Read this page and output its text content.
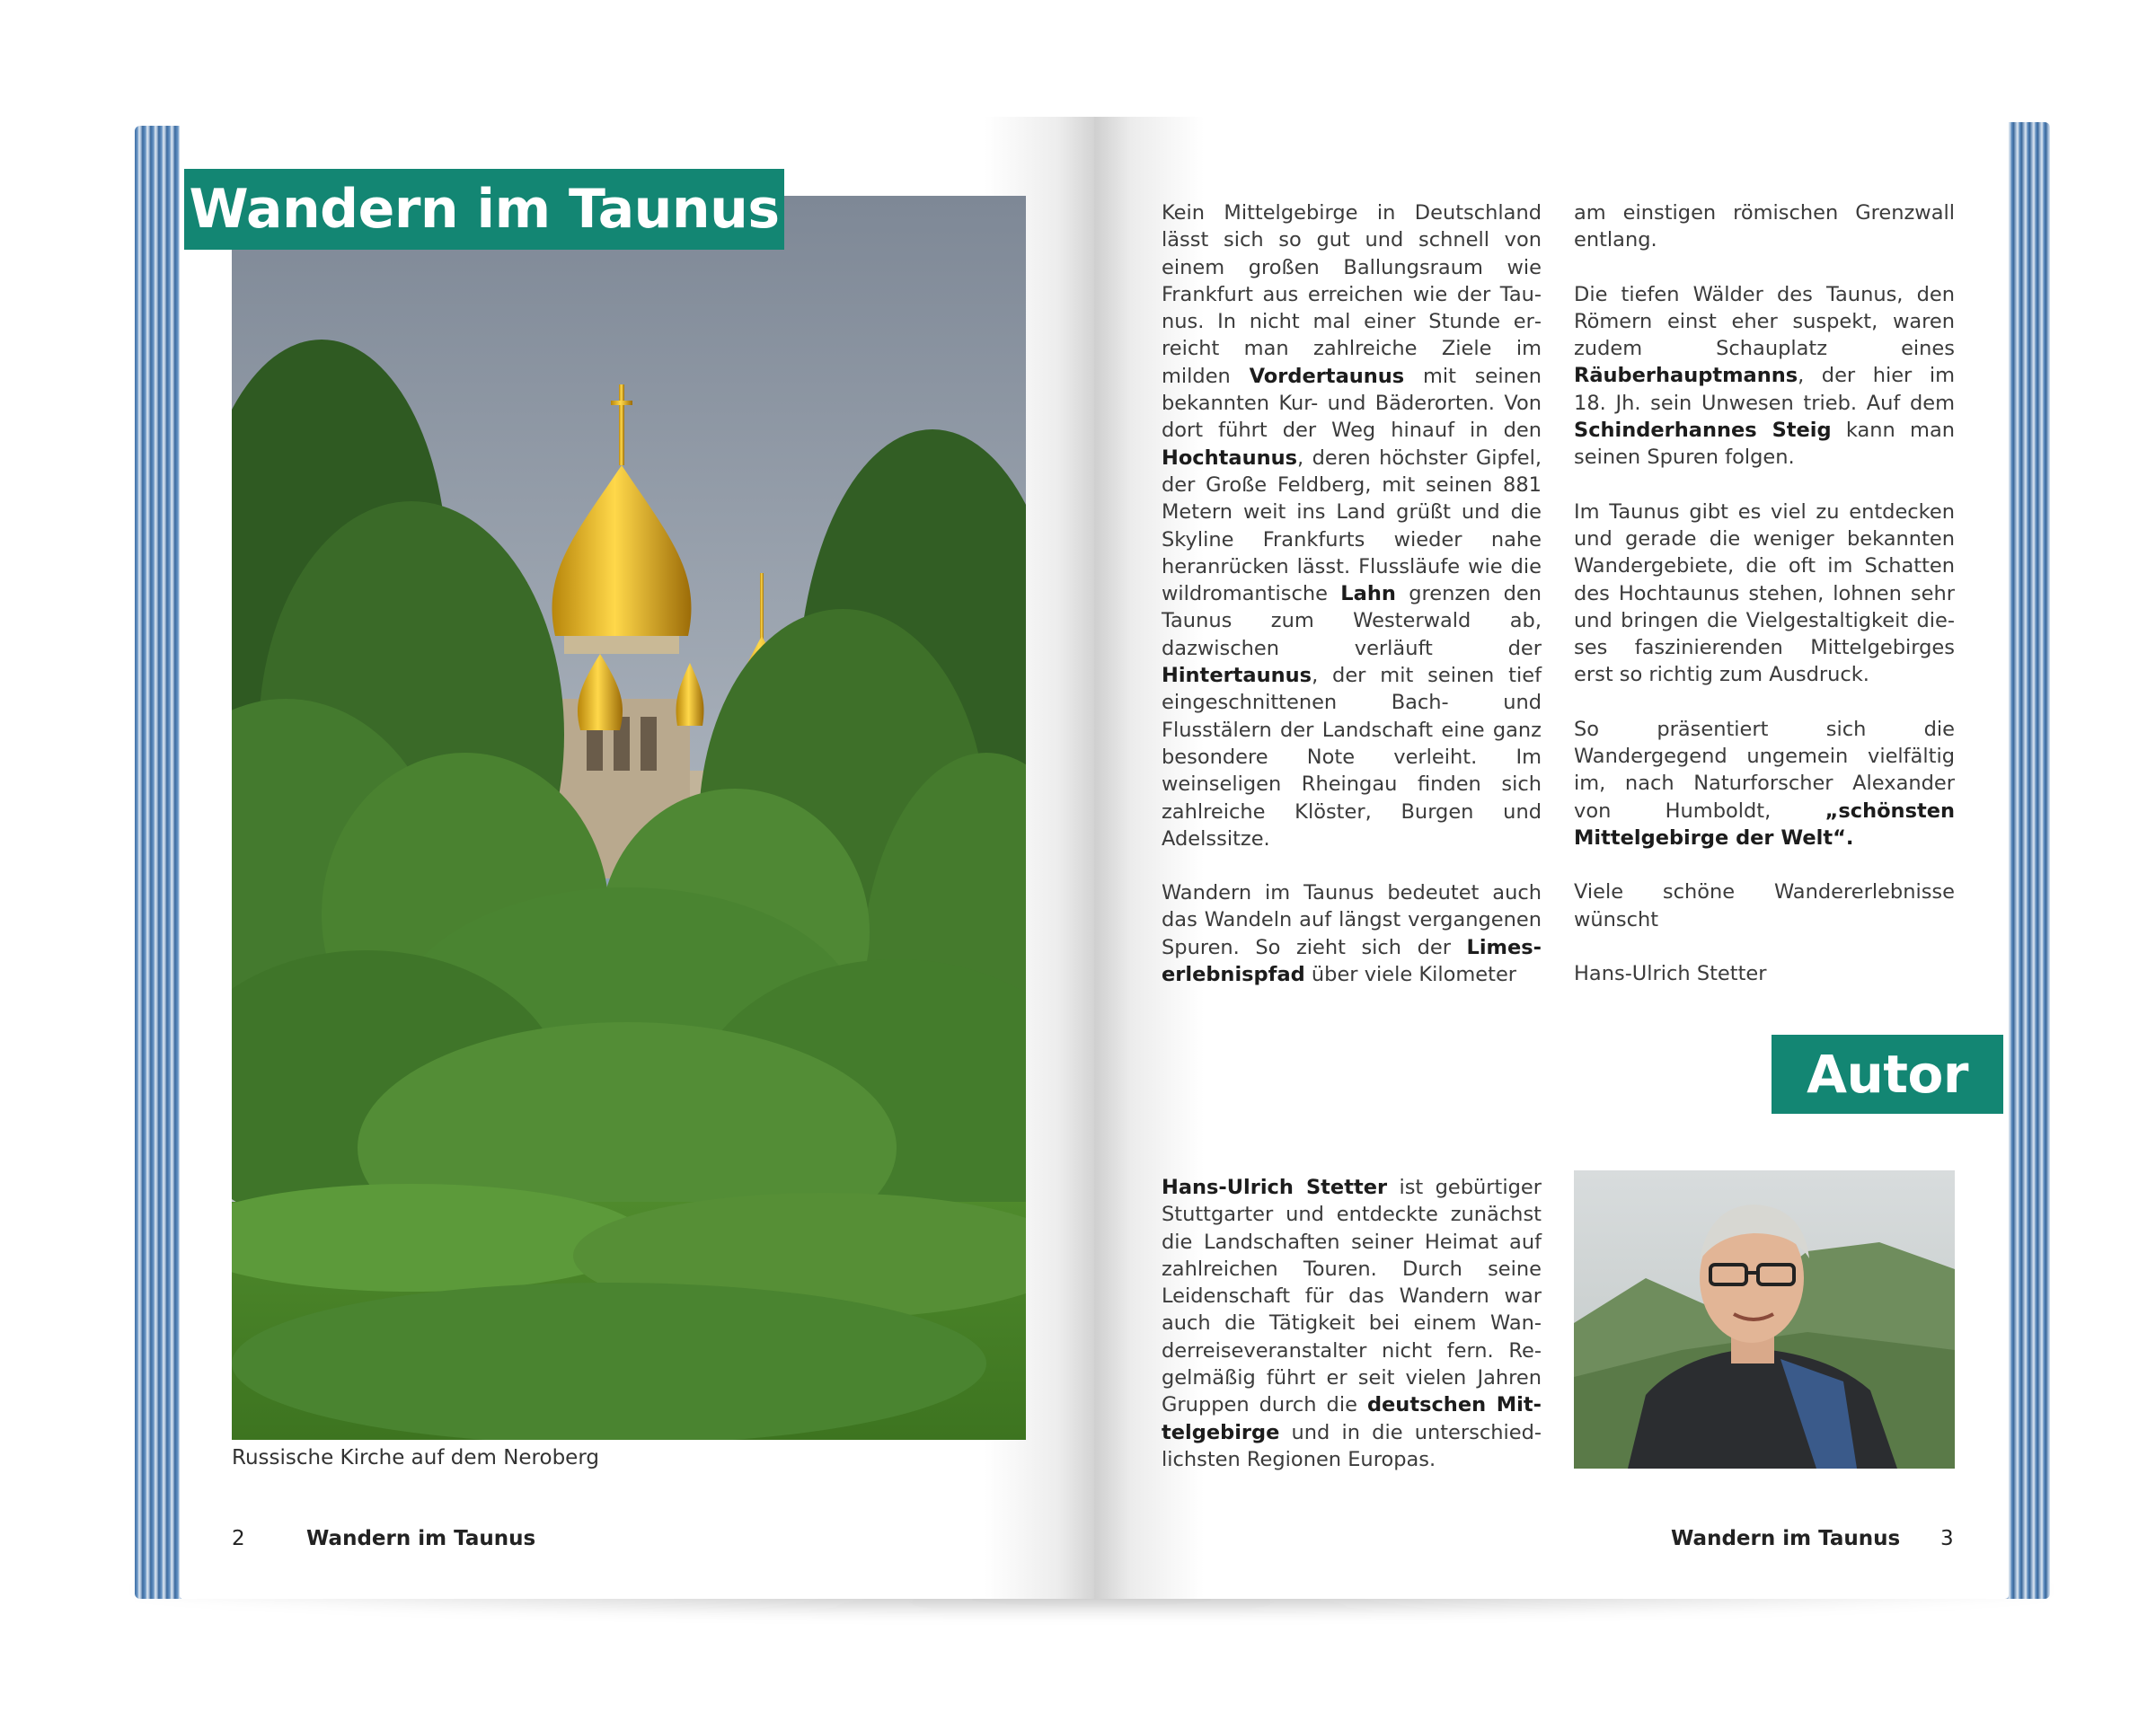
Wandern im Taunus
Russische Kirche auf dem Neroberg

Kein Mittelgebirge in Deutschland lässt sich so gut und schnell von einem großen Ballungsraum wie Frankfurt aus erreichen wie der Taunus. In nicht mal einer Stunde erreicht man zahlreiche Ziele im milden Vordertaunus mit seinen bekannten Kur- und Bäderorten. Von dort führt der Weg hinauf in den Hochtaunus, deren höchster Gipfel, der Große Feldberg, mit seinen 881 Metern weit ins Land grüßt und die Skyline Frankfurts wieder nahe heranrücken lässt. Flussläufe wie die wildromantische Lahn grenzen den Taunus zum Westerwald ab, dazwischen verläuft der Hintertaunus, der mit seinen tief eingeschnittenen Bach- und Flusstälern der Landschaft eine ganz besondere Note verleiht. Im weinseligen Rheingau finden sich zahlreiche Klöster, Burgen und Adelssitze.

Wandern im Taunus bedeutet auch das Wandeln auf längst vergangenen Spuren. So zieht sich der Limeserlebnispfad über viele Kilometer

am einstigen römischen Grenzwall entlang.

Die tiefen Wälder des Taunus, den Römern einst eher suspekt, waren zudem Schauplatz eines Räuberhauptmanns, der hier im 18. Jh. sein Unwesen trieb. Auf dem Schinderhannes Steig kann man seinen Spuren folgen.

Im Taunus gibt es viel zu entdecken und gerade die weniger bekannten Wandergebiete, die oft im Schatten des Hochtaunus stehen, lohnen sehr und bringen die Vielgestaltigkeit dieses faszinierenden Mittelgebirges erst so richtig zum Ausdruck.

So präsentiert sich die Wandergegend ungemein vielfältig im, nach Naturforscher Alexander von Humboldt, „schönsten Mittelgebirge der Welt“.

Viele schöne Wandererlebnisse wünscht

Hans-Ulrich Stetter

Autor

Hans-Ulrich Stetter ist gebürtiger Stuttgarter und entdeckte zunächst die Landschaften seiner Heimat auf zahlreichen Touren. Durch seine Leidenschaft für das Wandern war auch die Tätigkeit bei einem Wanderreiseveranstalter nicht fern. Regelmäßig führt er seit vielen Jahren Gruppen durch die deutschen Mittelgebirge und in die unterschiedlichsten Regionen Europas.

2	Wandern im Taunus	Wandern im Taunus 3
